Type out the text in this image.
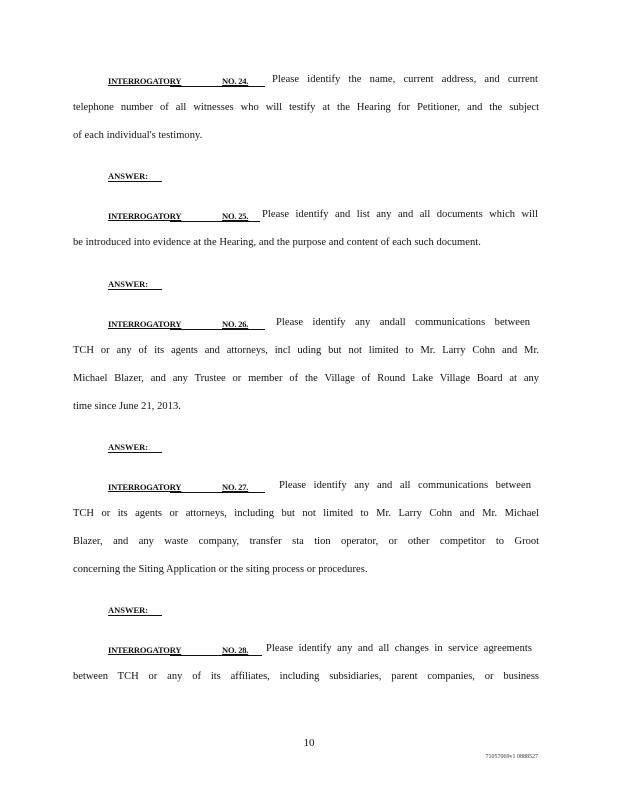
INTERROGATORY	NO. 24. Please identify the name, current address, and current
telephone number of all witnesses who will testify at the Hearing for Petitioner, and the subject
of each individual's testimony.
ANSWER:
INTERROGATORY	NO. 25. Please identify and list any and all documents which will
be introduced into evidence at the Hearing, and the purpose and content of each such document.
ANSWER:
INTERROGATORY	NO. 26.	Please identify any andall communications between
TCH or any of its agents and attorneys, incl uding but not limited to Mr. Larry Cohn and Mr.
Michael Blazer, and any Trustee or member of the Village of Round Lake Village Board at any
time since June 21, 2013.
ANSWER:
INTERROGATORY	NO. 27.	Please identify any and all communications between
TCH or its agents or attorneys, including but not limited to Mr. Larry Cohn and Mr. Michael
Blazer, and any waste company, transfer sta tion operator, or other competitor to Groot
concerning the Siting Application or the siting process or procedures.
ANSWER:
INTERROGATORY	NO. 28. Please identify any and all changes in service agreements
between TCH or any of its affiliates, including subsidiaries, parent companies, or business
10
71057069v1 0888527
